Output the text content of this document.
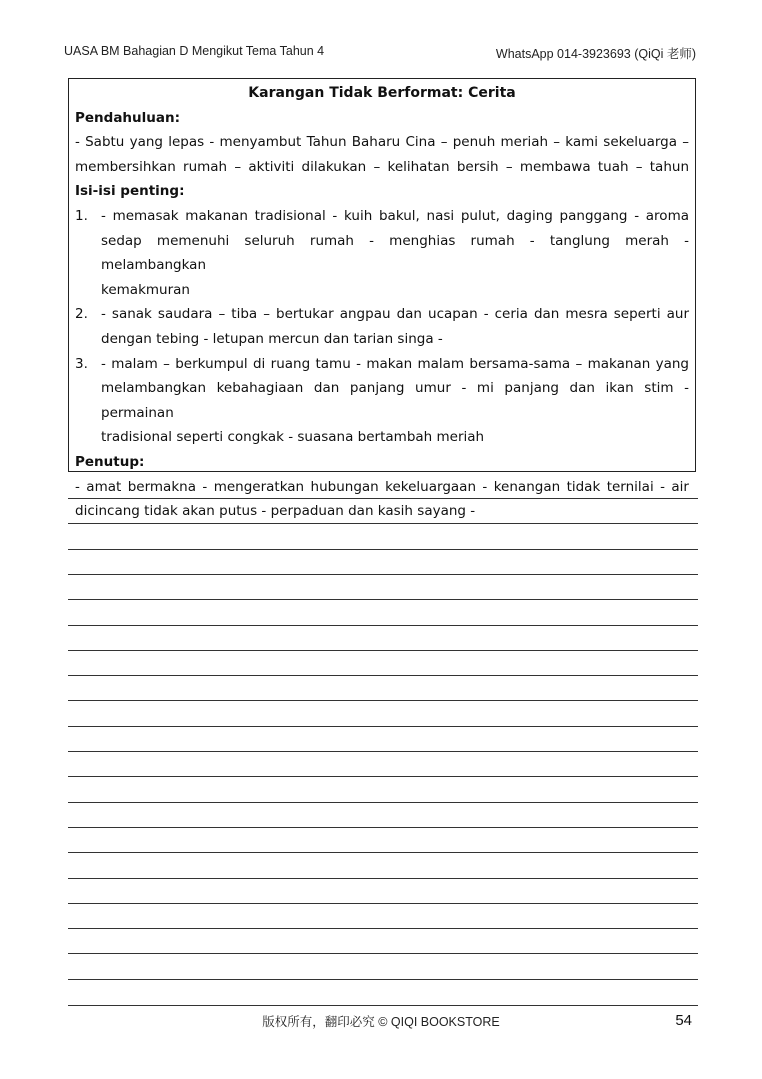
UASA BM Bahagian D Mengikut Tema Tahun 4	WhatsApp 014-3923693 (QiQi 老师)
Karangan Tidak Berformat: Cerita
Pendahuluan:
- Sabtu yang lepas - menyambut Tahun Baharu Cina – penuh meriah – kami sekeluarga –
membersihkan rumah – aktiviti dilakukan – kelihatan bersih – membawa tuah – tahun
Isi-isi penting:
1. - memasak makanan tradisional - kuih bakul, nasi pulut, daging panggang - aroma
sedap memenuhi seluruh rumah - menghias rumah - tanglung merah - melambangkan
kemakmuran
2. - sanak saudara – tiba – bertukar angpau dan ucapan - ceria dan mesra seperti aur
dengan tebing - letupan mercun dan tarian singa -
3. - malam – berkumpul di ruang tamu - makan malam bersama-sama – makanan yang
melambangkan kebahagiaan dan panjang umur - mi panjang dan ikan stim - permainan
tradisional seperti congkak - suasana bertambah meriah
Penutup:
- amat bermakna - mengeratkan hubungan kekeluargaan - kenangan tidak ternilai - air
dicincang tidak akan putus - perpaduan dan kasih sayang -
版权所有，翻印必究 © QIQI BOOKSTORE	54
